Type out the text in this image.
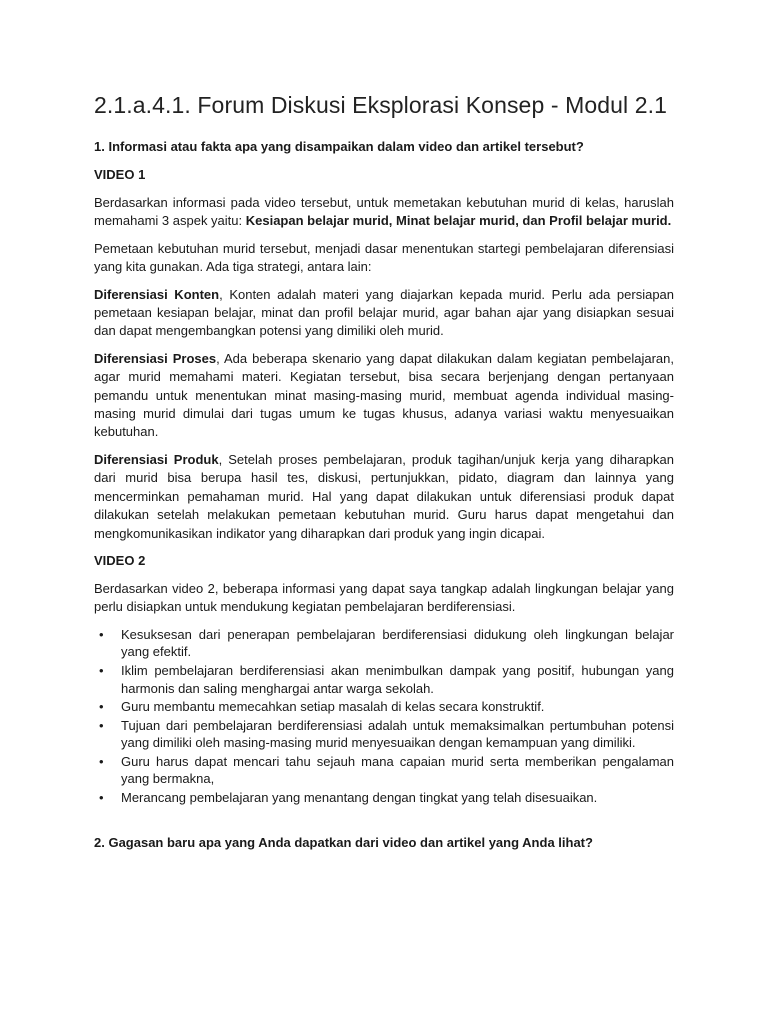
2.1.a.4.1. Forum Diskusi Eksplorasi Konsep - Modul 2.1
1. Informasi atau fakta apa yang disampaikan dalam video dan artikel tersebut?
VIDEO 1

Berdasarkan informasi pada video tersebut, untuk memetakan kebutuhan murid di kelas, haruslah memahami 3 aspek yaitu: Kesiapan belajar murid, Minat belajar murid, dan Profil belajar murid.

Pemetaan kebutuhan murid tersebut, menjadi dasar menentukan startegi pembelajaran diferensiasi yang kita gunakan. Ada tiga strategi, antara lain:

Diferensiasi Konten, Konten adalah materi yang diajarkan kepada murid. Perlu ada persiapan pemetaan kesiapan belajar, minat dan profil belajar murid, agar bahan ajar yang disiapkan sesuai dan dapat mengembangkan potensi yang dimiliki oleh murid.

Diferensiasi Proses, Ada beberapa skenario yang dapat dilakukan dalam kegiatan pembelajaran, agar murid memahami materi. Kegiatan tersebut, bisa secara berjenjang dengan pertanyaan pemandu untuk menentukan minat masing-masing murid, membuat agenda individual masing-masing murid dimulai dari tugas umum ke tugas khusus, adanya variasi waktu menyesuaikan kebutuhan.

Diferensiasi Produk, Setelah proses pembelajaran, produk tagihan/unjuk kerja yang diharapkan dari murid bisa berupa hasil tes, diskusi, pertunjukkan, pidato, diagram dan lainnya yang mencerminkan pemahaman murid. Hal yang dapat dilakukan untuk diferensiasi produk dapat dilakukan setelah melakukan pemetaan kebutuhan murid. Guru harus dapat mengetahui dan mengkomunikasikan indikator yang diharapkan dari produk yang ingin dicapai.

VIDEO 2

Berdasarkan video 2, beberapa informasi yang dapat saya tangkap adalah lingkungan belajar yang perlu disiapkan untuk mendukung kegiatan pembelajaran berdiferensiasi.

• Kesuksesan dari penerapan pembelajaran berdiferensiasi didukung oleh lingkungan belajar yang efektif.
• Iklim pembelajaran berdiferensiasi akan menimbulkan dampak yang positif, hubungan yang harmonis dan saling menghargai antar warga sekolah.
• Guru membantu memecahkan setiap masalah di kelas secara konstruktif.
• Tujuan dari pembelajaran berdiferensiasi adalah untuk memaksimalkan pertumbuhan potensi yang dimiliki oleh masing-masing murid menyesuaikan dengan kemampuan yang dimiliki.
• Guru harus dapat mencari tahu sejauh mana capaian murid serta memberikan pengalaman yang bermakna,
• Merancang pembelajaran yang menantang dengan tingkat yang telah disesuaikan.
2. Gagasan baru apa yang Anda dapatkan dari video dan artikel yang Anda lihat?
